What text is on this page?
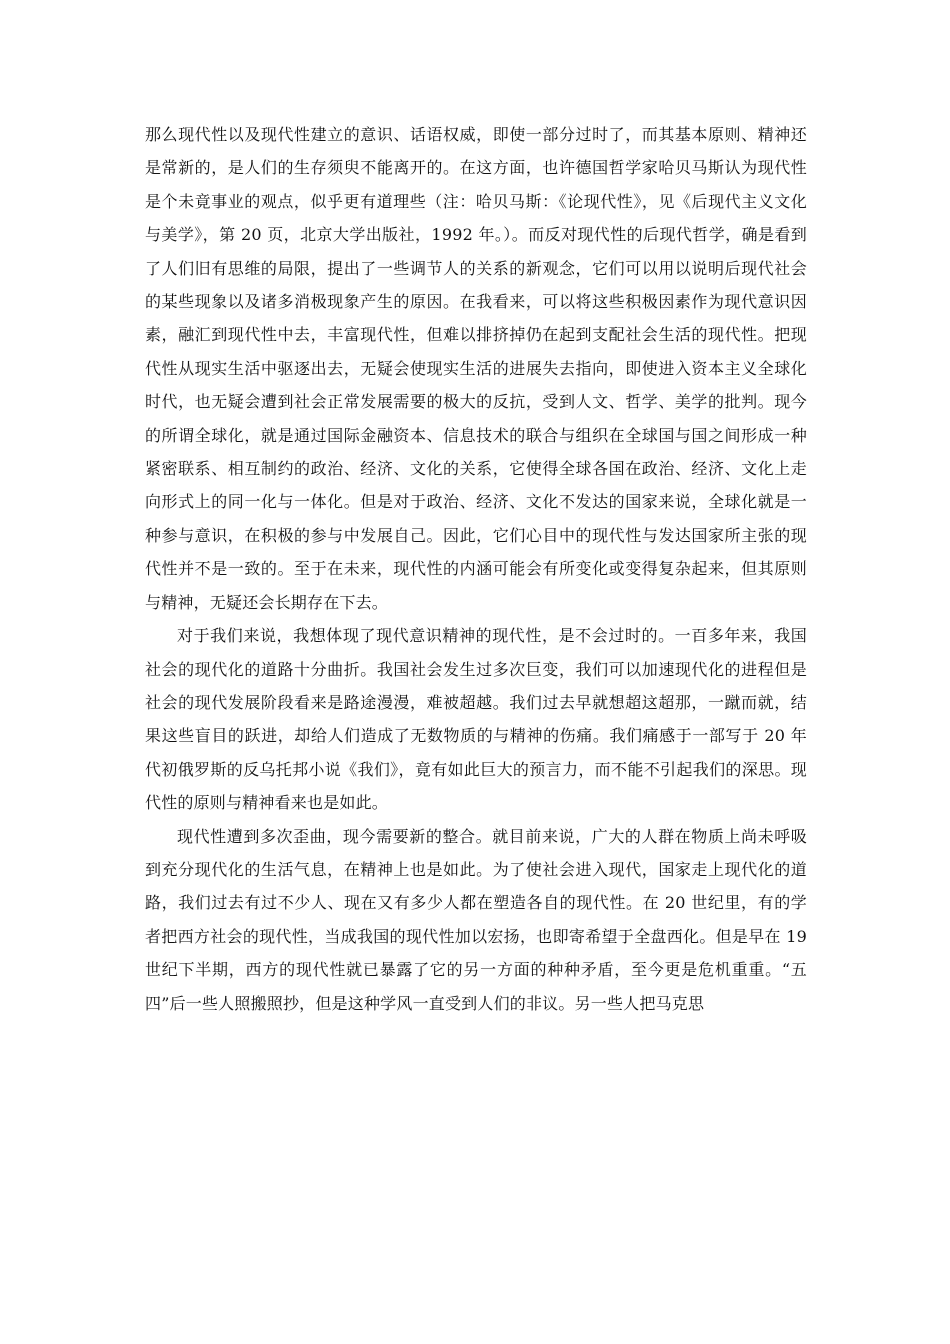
那么现代性以及现代性建立的意识、话语权威，即使一部分过时了，而其基本原则、精神还是常新的，是人们的生存须臾不能离开的。在这方面，也许德国哲学家哈贝马斯认为现代性是个未竟事业的观点，似乎更有道理些（注：哈贝马斯：《论现代性》，见《后现代主义文化与美学》，第 20 页，北京大学出版社，1992 年。）。而反对现代性的后现代哲学，确是看到了人们旧有思维的局限，提出了一些调节人的关系的新观念，它们可以用以说明后现代社会的某些现象以及诸多消极现象产生的原因。在我看来，可以将这些积极因素作为现代意识因素，融汇到现代性中去，丰富现代性，但难以排挤掉仍在起到支配社会生活的现代性。把现代性从现实生活中驱逐出去，无疑会使现实生活的进展失去指向，即使进入资本主义全球化时代，也无疑会遭到社会正常发展需要的极大的反抗，受到人文、哲学、美学的批判。现今的所谓全球化，就是通过国际金融资本、信息技术的联合与组织在全球国与国之间形成一种紧密联系、相互制约的政治、经济、文化的关系，它使得全球各国在政治、经济、文化上走向形式上的同一化与一体化。但是对于政治、经济、文化不发达的国家来说，全球化就是一种参与意识，在积极的参与中发展自己。因此，它们心目中的现代性与发达国家所主张的现代性并不是一致的。至于在未来，现代性的内涵可能会有所变化或变得复杂起来，但其原则与精神，无疑还会长期存在下去。

对于我们来说，我想体现了现代意识精神的现代性，是不会过时的。一百多年来，我国社会的现代化的道路十分曲折。我国社会发生过多次巨变，我们可以加速现代化的进程但是社会的现代发展阶段看来是路途漫漫，难被超越。我们过去早就想超这超那，一蹴而就，结果这些盲目的跃进，却给人们造成了无数物质的与精神的伤痛。我们痛感于一部写于 20 年代初俄罗斯的反乌托邦小说《我们》，竟有如此巨大的预言力，而不能不引起我们的深思。现代性的原则与精神看来也是如此。

现代性遭到多次歪曲，现今需要新的整合。就目前来说，广大的人群在物质上尚未呼吸到充分现代化的生活气息，在精神上也是如此。为了使社会进入现代，国家走上现代化的道路，我们过去有过不少人、现在又有多少人都在塑造各自的现代性。在 20 世纪里，有的学者把西方社会的现代性，当成我国的现代性加以宏扬，也即寄希望于全盘西化。但是早在 19 世纪下半期，西方的现代性就已暴露了它的另一方面的种种矛盾，至今更是危机重重。“五四”后一些人照搬照抄，但是这种学风一直受到人们的非议。另一些人把马克思
